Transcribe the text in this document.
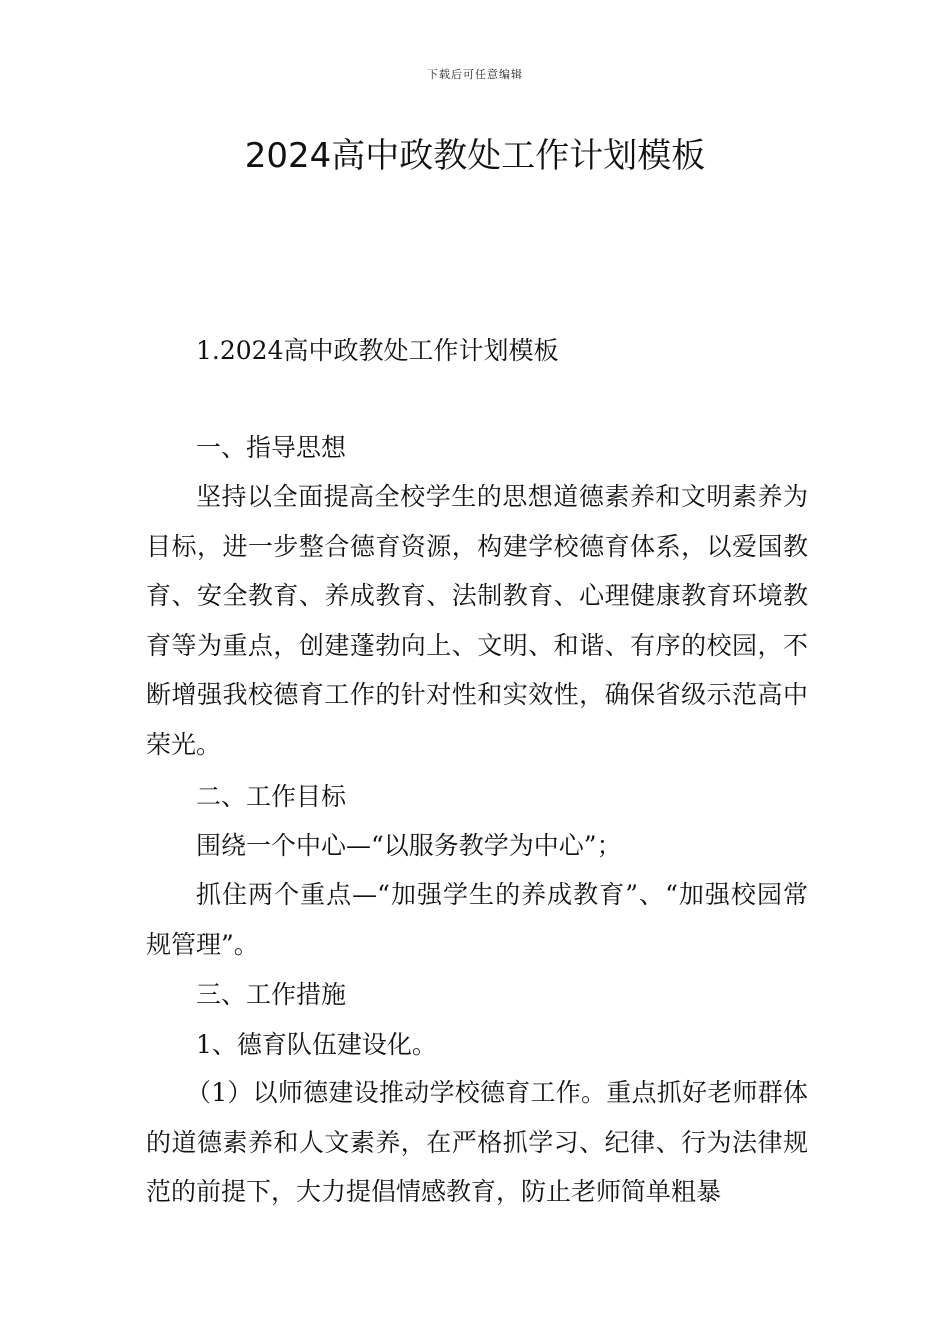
下载后可任意编辑
2024高中政教处工作计划模板
1.2024高中政教处工作计划模板
一、指导思想

坚持以全面提高全校学生的思想道德素养和文明素养为目标，进一步整合德育资源，构建学校德育体系，以爱国教育、安全教育、养成教育、法制教育、心理健康教育环境教育等为重点，创建蓬勃向上、文明、和谐、有序的校园，不断增强我校德育工作的针对性和实效性，确保省级示范高中荣光。

二、工作目标
围绕一个中心—“以服务教学为中心”；

抓住两个重点—“加强学生的养成教育”、“加强校园常规管理”。

三、工作措施
1、德育队伍建设化。

（1）以师德建设推动学校德育工作。重点抓好老师群体的道德素养和人文素养，在严格抓学习、纪律、行为法律规范的前提下，大力提倡情感教育，防止老师简单粗暴
